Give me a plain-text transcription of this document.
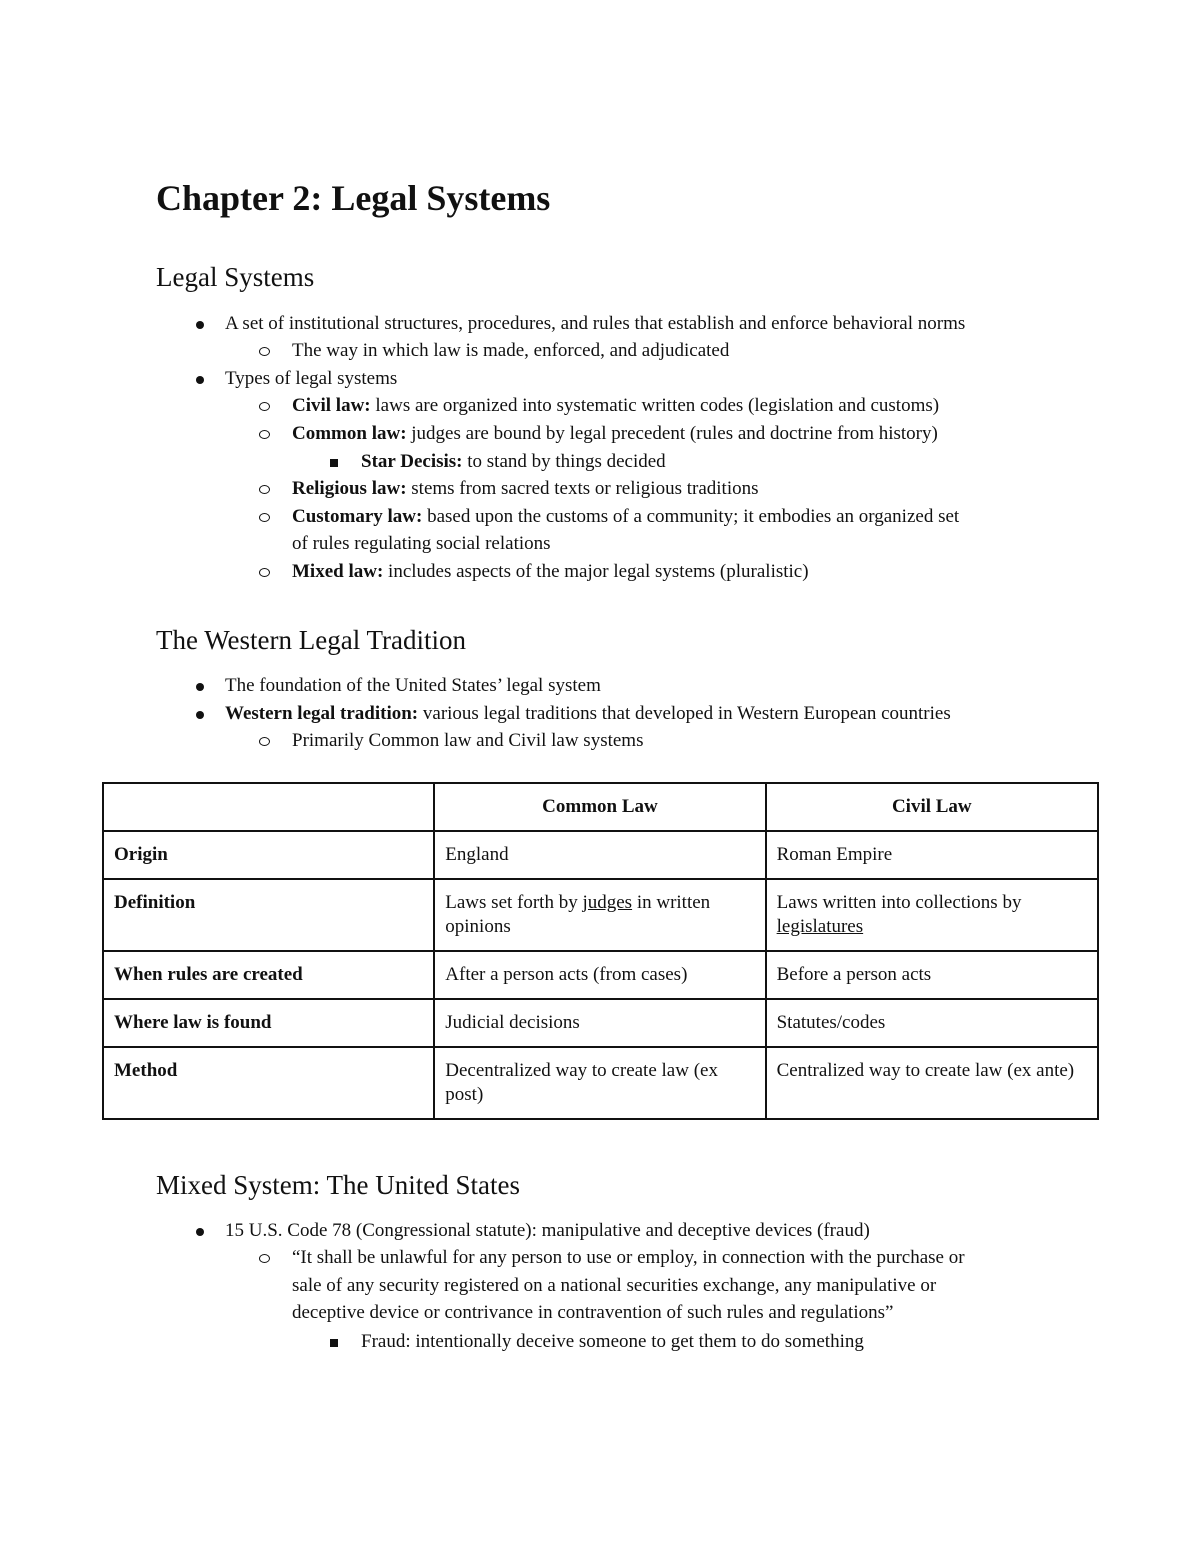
Chapter 2: Legal Systems
Legal Systems
A set of institutional structures, procedures, and rules that establish and enforce behavioral norms
The way in which law is made, enforced, and adjudicated
Types of legal systems
Civil law: laws are organized into systematic written codes (legislation and customs)
Common law: judges are bound by legal precedent (rules and doctrine from history)
Star Decisis: to stand by things decided
Religious law: stems from sacred texts or religious traditions
Customary law: based upon the customs of a community; it embodies an organized set
of rules regulating social relations
Mixed law: includes aspects of the major legal systems (pluralistic)
The Western Legal Tradition
The foundation of the United States’ legal system
Western legal tradition: various legal traditions that developed in Western European countries
Primarily Common law and Civil law systems
	Common Law	Civil Law
Origin	England	Roman Empire
Definition	Laws set forth by judges in written opinions	Laws written into collections by legislatures
When rules are created	After a person acts (from cases)	Before a person acts
Where law is found	Judicial decisions	Statutes/codes
Method	Decentralized way to create law (ex post)	Centralized way to create law (ex ante)
Mixed System: The United States
15 U.S. Code 78 (Congressional statute): manipulative and deceptive devices (fraud)
“It shall be unlawful for any person to use or employ, in connection with the purchase or
sale of any security registered on a national securities exchange, any manipulative or
deceptive device or contrivance in contravention of such rules and regulations”
Fraud: intentionally deceive someone to get them to do something
